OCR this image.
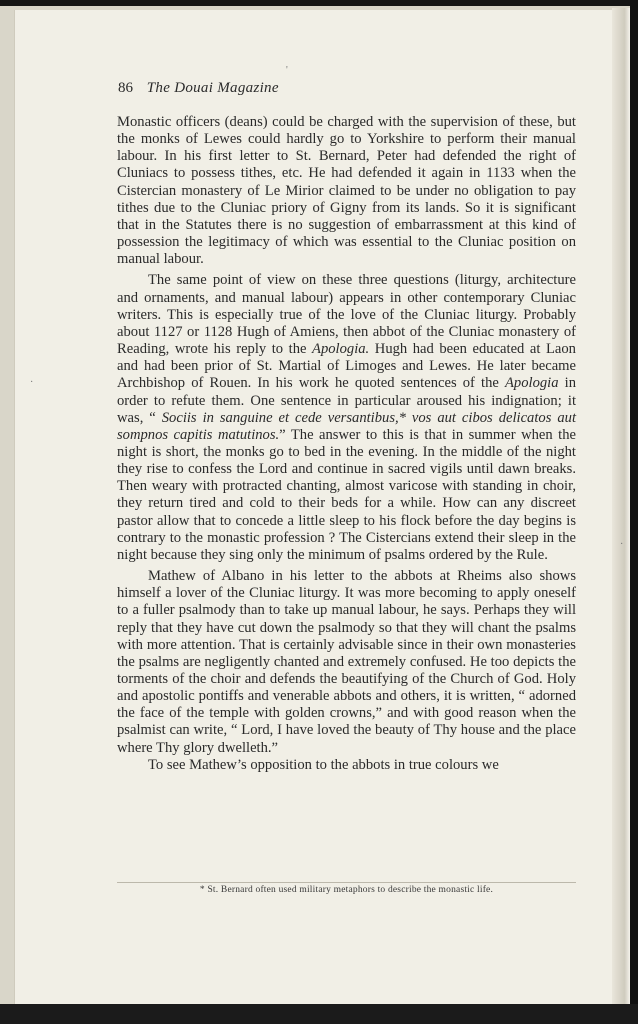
86 The Douai Magazine

Monastic officers (deans) could be charged with the supervision of these, but the monks of Lewes could hardly go to Yorkshire to perform their manual labour. In his first letter to St. Bernard, Peter had defended the right of Cluniacs to possess tithes, etc. He had defended it again in 1133 when the Cistercian monastery of Le Mirior claimed to be under no obligation to pay tithes due to the Cluniac priory of Gigny from its lands. So it is significant that in the Statutes there is no suggestion of embarrassment at this kind of possession the legitimacy of which was essential to the Cluniac position on manual labour.

The same point of view on these three questions (liturgy, architecture and ornaments, and manual labour) appears in other contemporary Cluniac writers. This is especially true of the love of the Cluniac liturgy. Probably about 1127 or 1128 Hugh of Amiens, then abbot of the Cluniac monastery of Reading, wrote his reply to the Apologia. Hugh had been educated at Laon and had been prior of St. Martial of Limoges and Lewes. He later became Archbishop of Rouen. In his work he quoted sentences of the Apologia in order to refute them. One sentence in particular aroused his indignation; it was, “ Sociis in sanguine et cede versantibus,* vos aut cibos delicatos aut sompnos capitis matutinos.” The answer to this is that in summer when the night is short, the monks go to bed in the evening. In the middle of the night they rise to confess the Lord and continue in sacred vigils until dawn breaks. Then weary with protracted chanting, almost varicose with standing in choir, they return tired and cold to their beds for a while. How can any discreet pastor allow that to concede a little sleep to his flock before the day begins is contrary to the monastic profession ? The Cistercians extend their sleep in the night because they sing only the minimum of psalms ordered by the Rule.

Mathew of Albano in his letter to the abbots at Rheims also shows himself a lover of the Cluniac liturgy. It was more becoming to apply oneself to a fuller psalmody than to take up manual labour, he says. Perhaps they will reply that they have cut down the psalmody so that they will chant the psalms with more attention. That is certainly advisable since in their own monasteries the psalms are negligently chanted and extremely confused. He too depicts the torments of the choir and defends the beautifying of the Church of God. Holy and apostolic pontiffs and venerable abbots and others, it is written, “ adorned the face of the temple with golden crowns,” and with good reason when the psalmist can write, “ Lord, I have loved the beauty of Thy house and the place where Thy glory dwelleth.”

To see Mathew’s opposition to the abbots in true colours we

* St. Bernard often used military metaphors to describe the monastic life.
'
·
·
